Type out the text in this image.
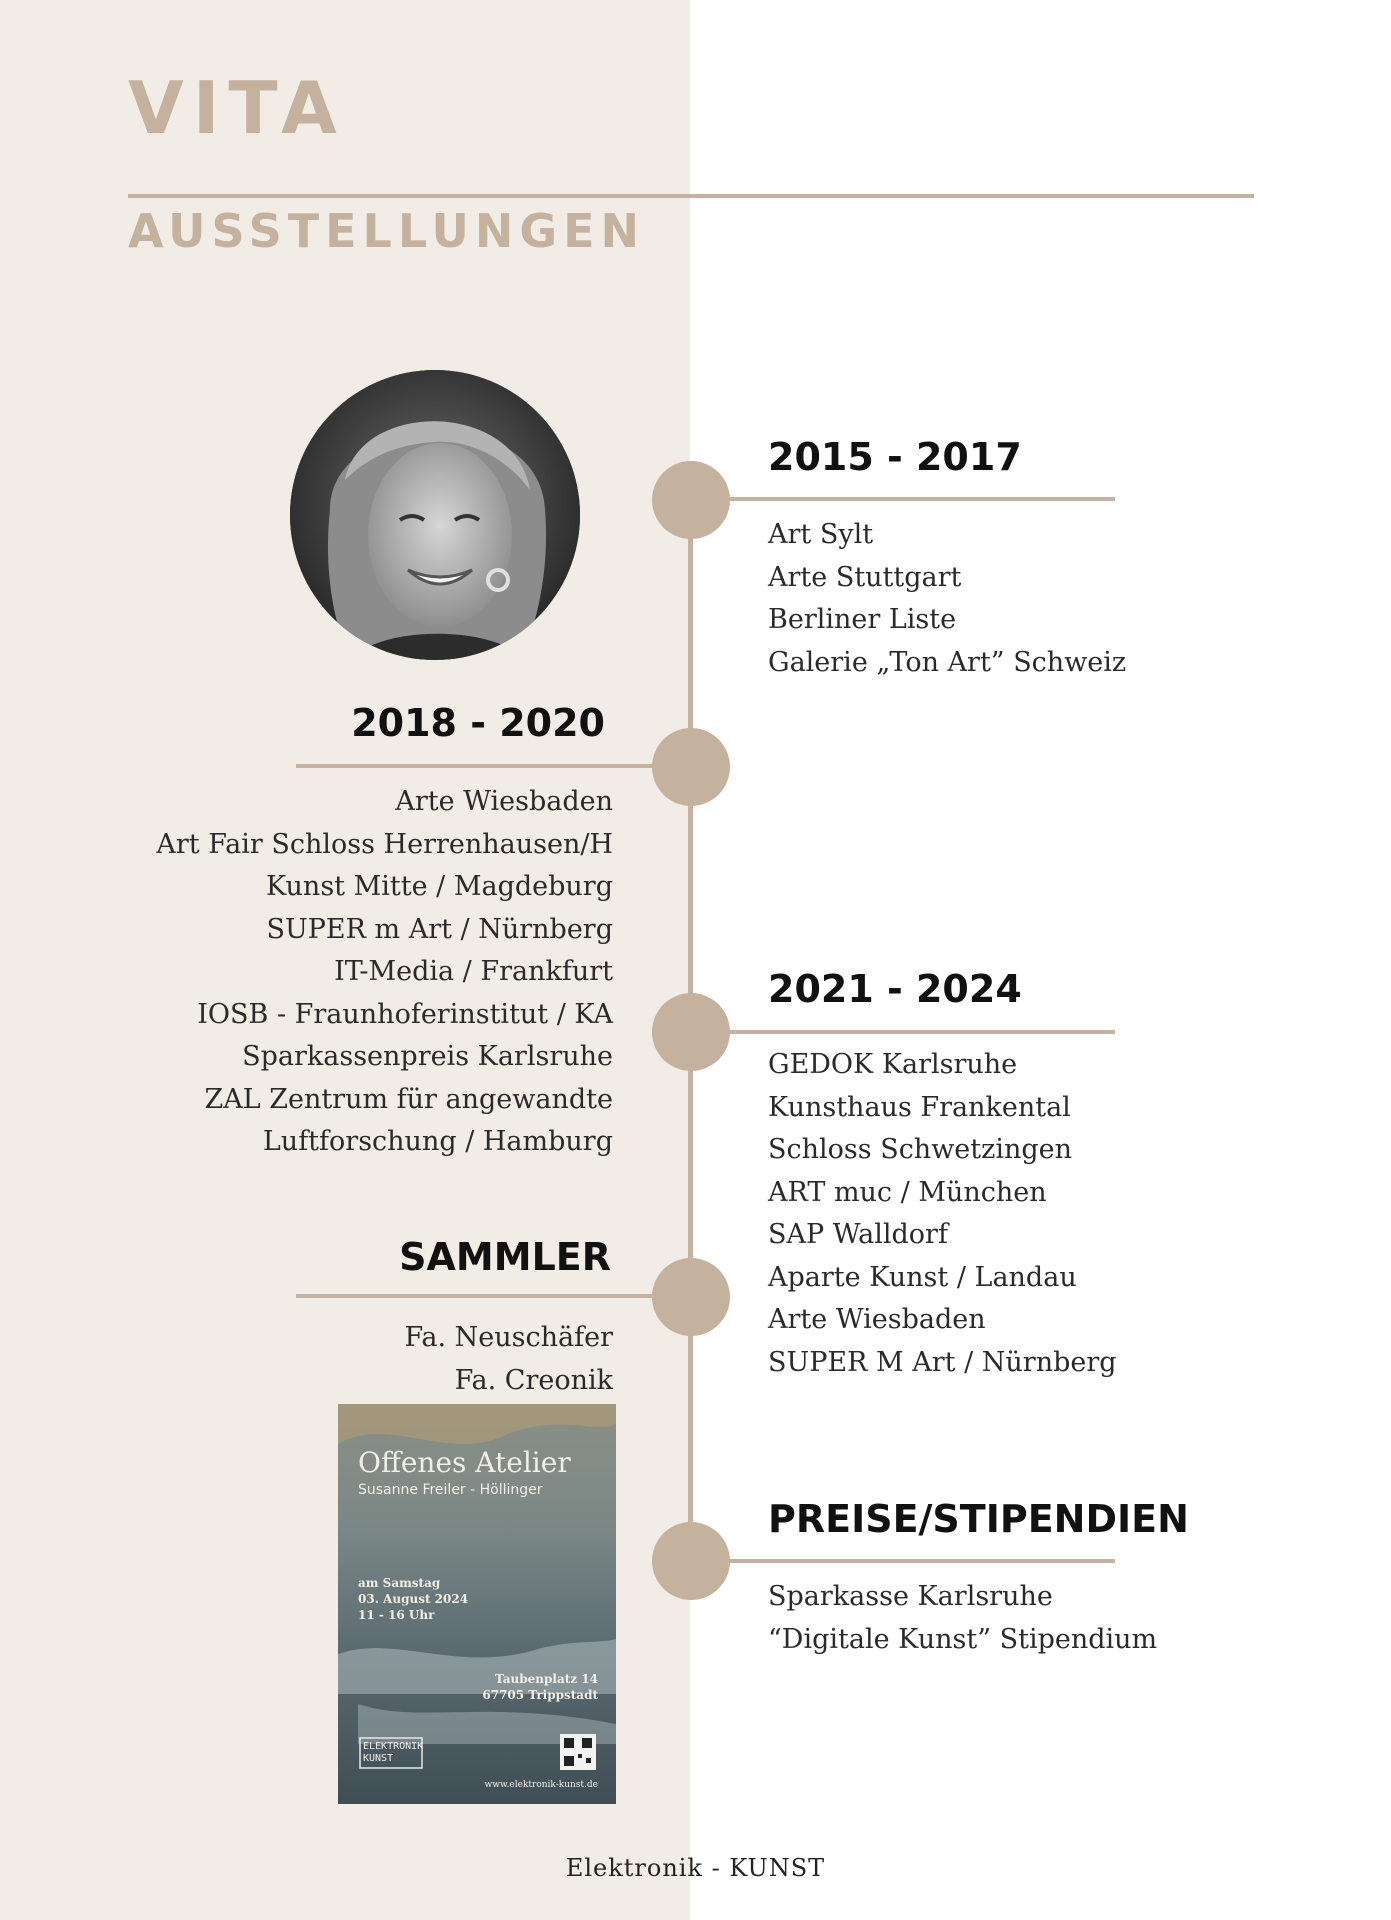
VITA
AUSSTELLUNGEN
2015 - 2017
Art Sylt
Arte Stuttgart
Berliner Liste
Galerie „Ton Art” Schweiz
2018 - 2020
Arte Wiesbaden
Art Fair Schloss Herrenhausen/H
Kunst Mitte / Magdeburg
SUPER m Art / Nürnberg
IT-Media / Frankfurt
IOSB - Fraunhoferinstitut / KA
Sparkassenpreis Karlsruhe
ZAL Zentrum für angewandte
Luftforschung / Hamburg
2021 - 2024
GEDOK Karlsruhe
Kunsthaus Frankental
Schloss Schwetzingen
ART muc / München
SAP Walldorf
Aparte Kunst / Landau
Arte Wiesbaden
SUPER M Art / Nürnberg
SAMMLER
Fa. Neuschäfer
Fa. Creonik
PREISE/STIPENDIEN
Sparkasse Karlsruhe
“Digitale Kunst” Stipendium
Offenes Atelier
Susanne Freiler - Höllinger
am Samstag
03. August 2024
11 - 16 Uhr
Taubenplatz 14
67705 Trippstadt
ELEKTRONIK
KUNST
www.elektronik-kunst.de
Elektronik - KUNST
